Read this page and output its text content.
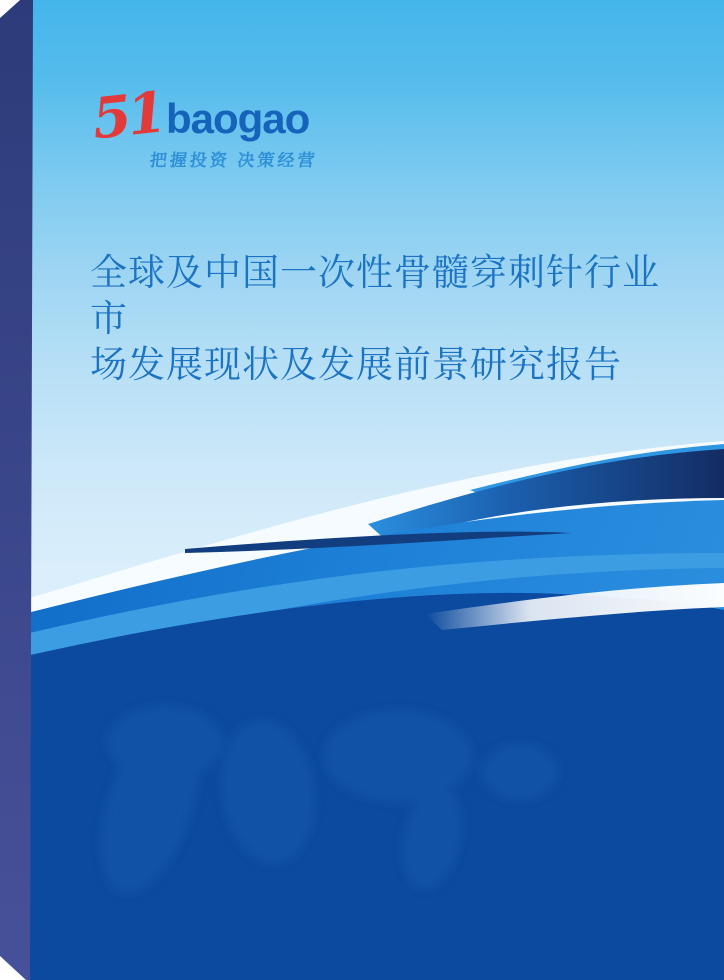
51 baogao
把握投资 决策经营
全球及中国一次性骨髓穿刺针行业市
场发展现状及发展前景研究报告
